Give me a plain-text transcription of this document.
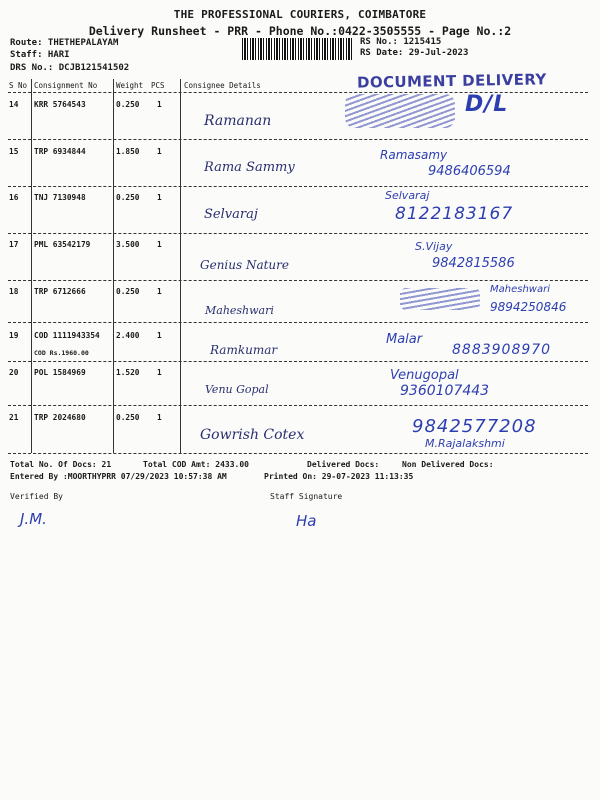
THE PROFESSIONAL COURIERS, COIMBATORE
Delivery Runsheet - PRR - Phone No.:0422-3505555 - Page No.:2
Route: THETHEPALAYAM
Staff: HARI
DRS No.: DCJB121541502
RS No.: 1215415
RS Date: 29-Jul-2023
DOCUMENT DELIVERY
S No Consignment No	Weight PCS	Consignee Details
14 KRR 5764543	0.250 1
Ramanan
D/L
15 TRP 6934844	1.850 1
Rama Sammy
Ramasamy
9486406594
16 TNJ 7130948	0.250 1
Selvaraj
Selvaraj
8122183167
17 PML 63542179	3.500 1
Genius Nature
S.Vijay
9842815586
18 TRP 6712666	0.250 1
Maheshwari
Maheshwari
9894250846
19 COD 1111943354 2.400 1
COD Rs.1960.00	Ramkumar
Malar
8883908970
20 POL 1584969	1.520 1
Venu Gopal
Venugopal
9360107443
21 TRP 2024680	0.250 1
Gowrish Cotex	9842577208
M.Rajalakshmi
Total No. Of Docs: 21	Total COD Amt: 2433.00	Delivered Docs:	Non Delivered Docs:
Entered By :MOORTHYPRR 07/29/2023 10:57:38 AM	Printed On: 29-07-2023 11:13:35
Verified By	Staff Signature
J.M.	Ha
